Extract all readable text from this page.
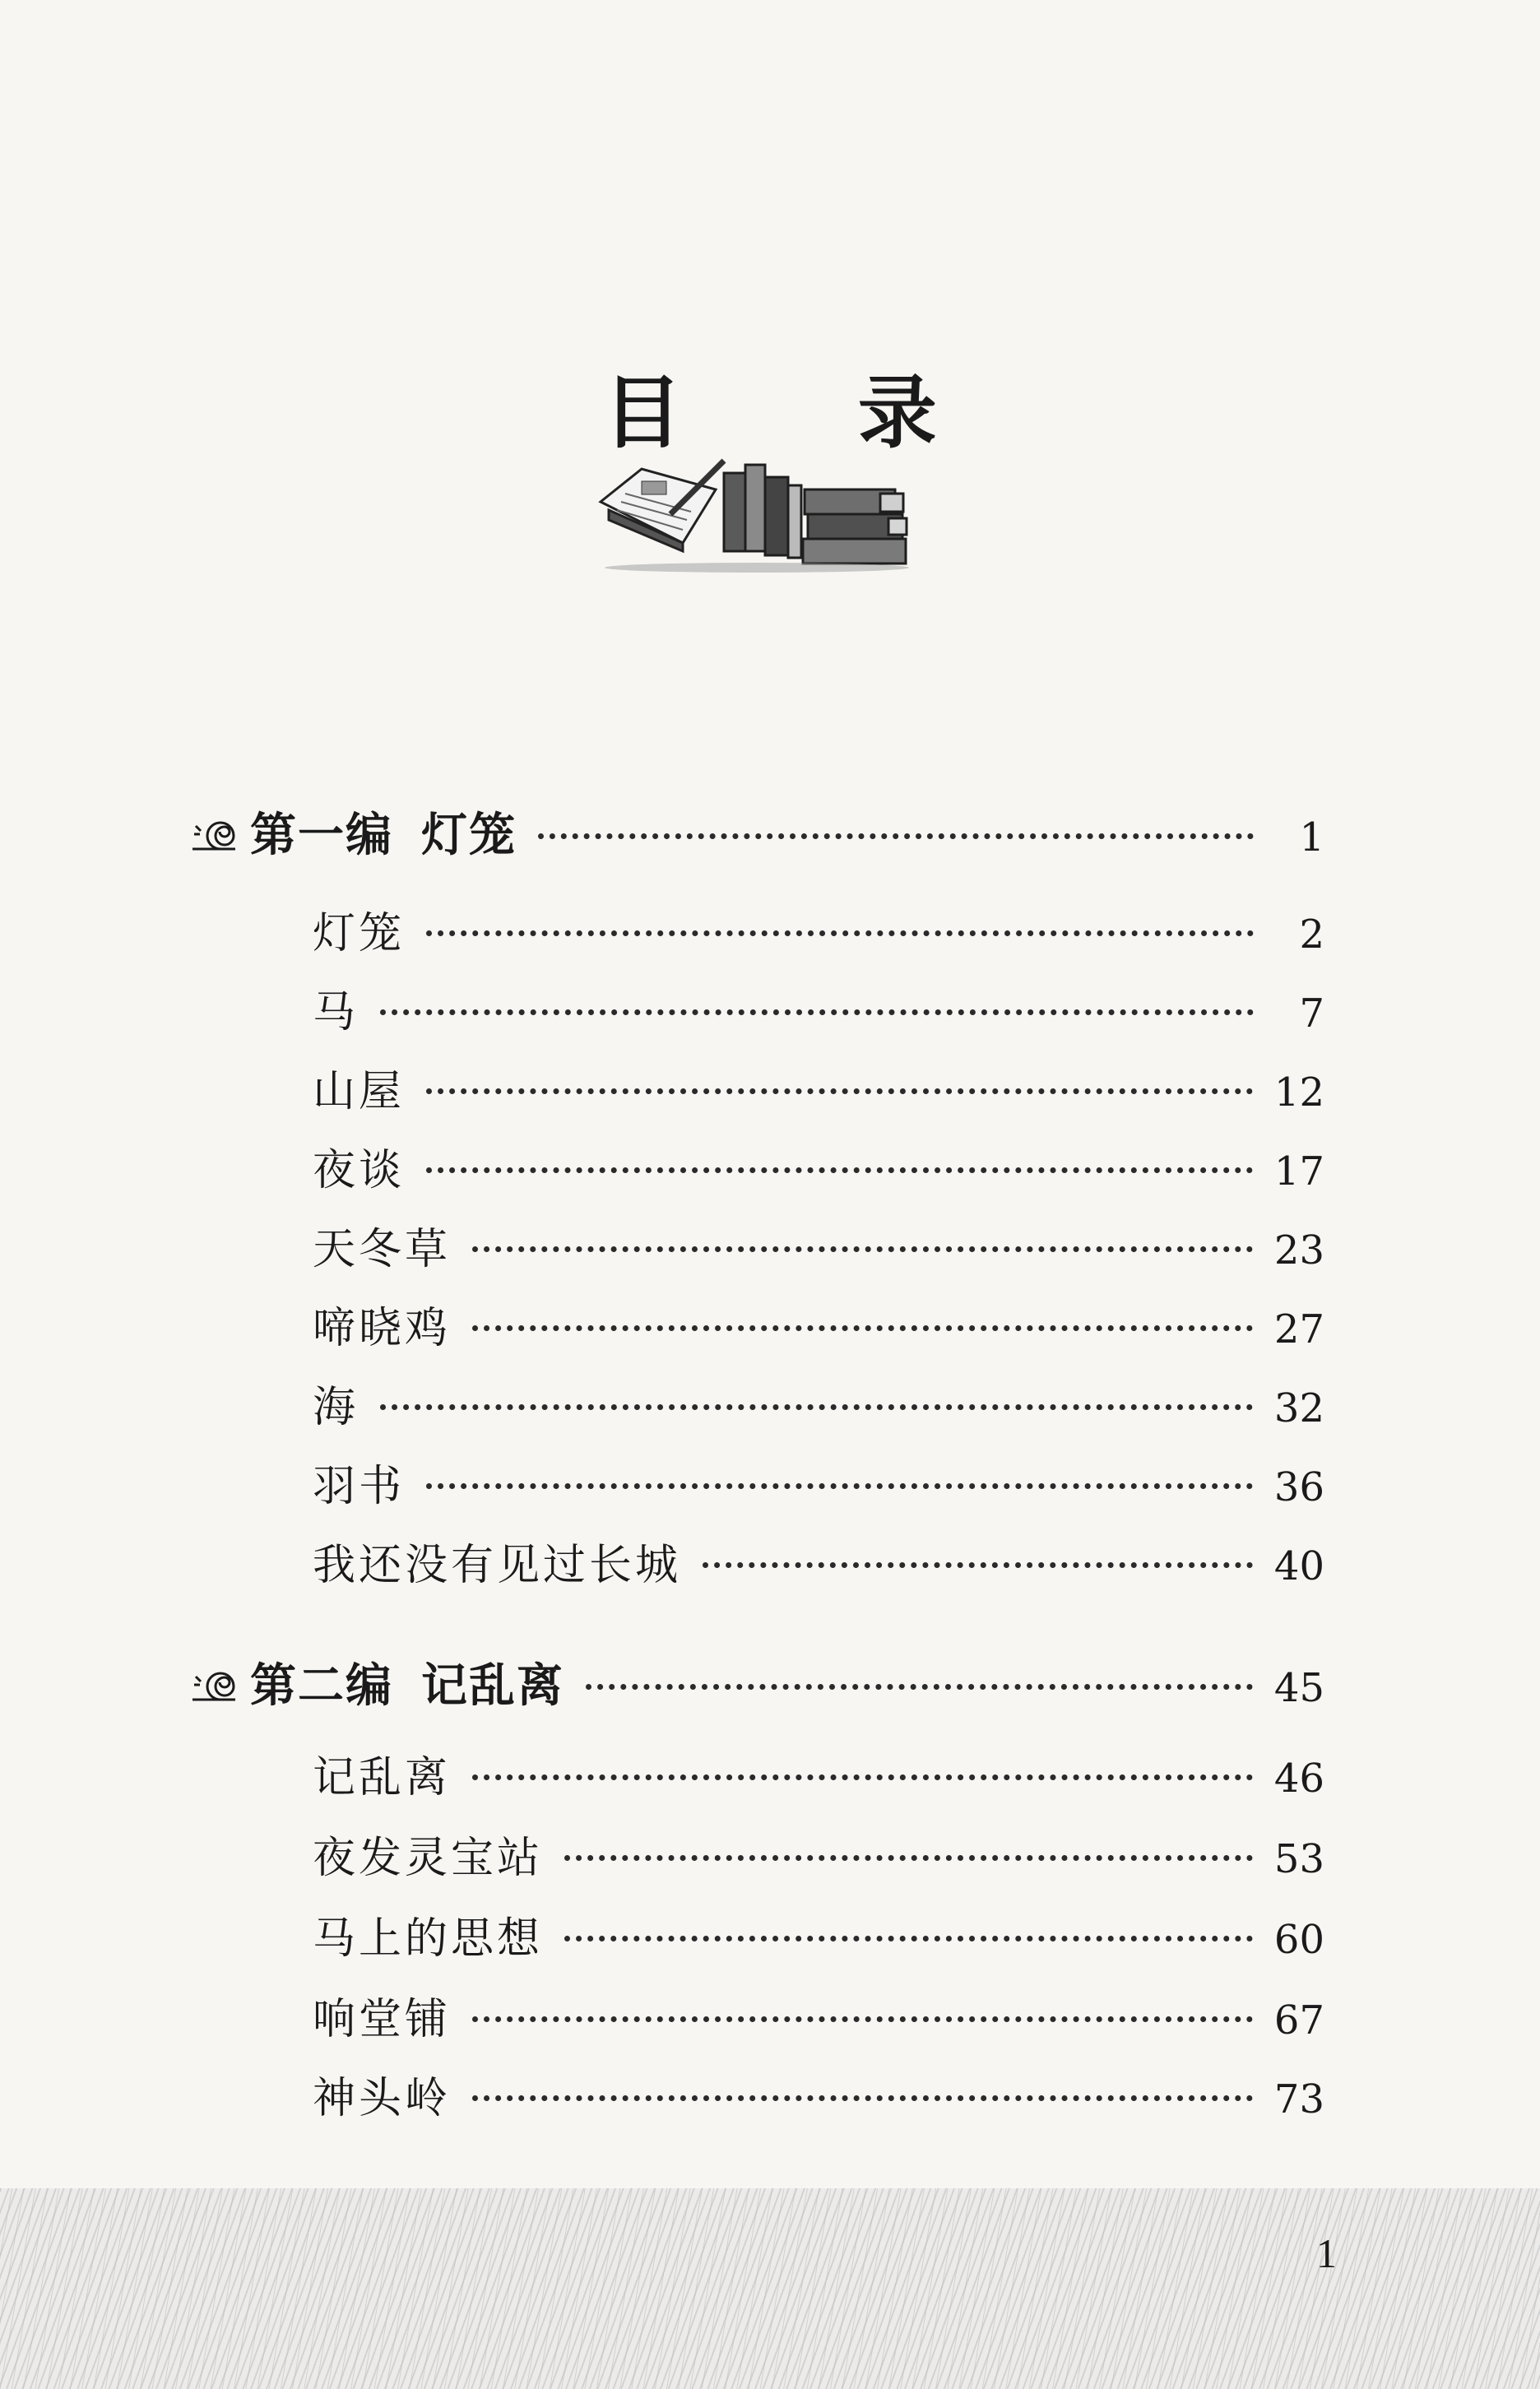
目 录
第一编 灯笼	1
灯笼	2
马	7
山屋	12
夜谈	17
天冬草	23
啼晓鸡	27
海	32
羽书	36
我还没有见过长城	40
第二编 记乱离	45
记乱离	46
夜发灵宝站	53
马上的思想	60
响堂铺	67
神头岭	73
1
